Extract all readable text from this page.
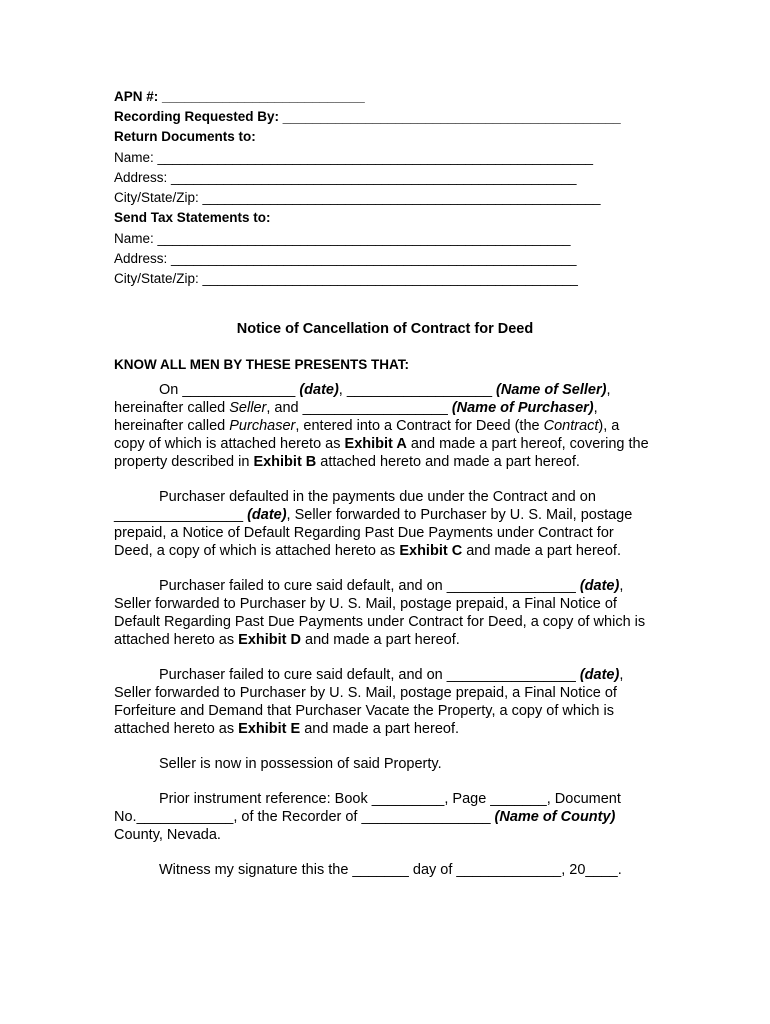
APN #: ___________________________
Recording Requested By: _____________________________________________
Return Documents to:
Name: __________________________________________________________
Address: ______________________________________________________
City/State/Zip: _____________________________________________________
Send Tax Statements to:
Name: _______________________________________________________
Address: ______________________________________________________
City/State/Zip: __________________________________________________
Notice of Cancellation of Contract for Deed
KNOW ALL MEN BY THESE PRESENTS THAT:

On ______________ (date), __________________ (Name of Seller), hereinafter called Seller, and __________________ (Name of Purchaser), hereinafter called Purchaser, entered into a Contract for Deed (the Contract), a copy of which is attached hereto as Exhibit A and made a part hereof, covering the property described in Exhibit B attached hereto and made a part hereof.

Purchaser defaulted in the payments due under the Contract and on ________________ (date), Seller forwarded to Purchaser by U. S. Mail, postage prepaid, a Notice of Default Regarding Past Due Payments under Contract for Deed, a copy of which is attached hereto as Exhibit C and made a part hereof.

Purchaser failed to cure said default, and on ________________ (date), Seller forwarded to Purchaser by U. S. Mail, postage prepaid, a Final Notice of Default Regarding Past Due Payments under Contract for Deed, a copy of which is attached hereto as Exhibit D and made a part hereof.

Purchaser failed to cure said default, and on ________________ (date), Seller forwarded to Purchaser by U. S. Mail, postage prepaid, a Final Notice of Forfeiture and Demand that Purchaser Vacate the Property, a copy of which is attached hereto as Exhibit E and made a part hereof.

Seller is now in possession of said Property.

Prior instrument reference: Book _________, Page _______, Document No.____________, of the Recorder of ________________ (Name of County) County, Nevada.

Witness my signature this the _______ day of _____________, 20____.
